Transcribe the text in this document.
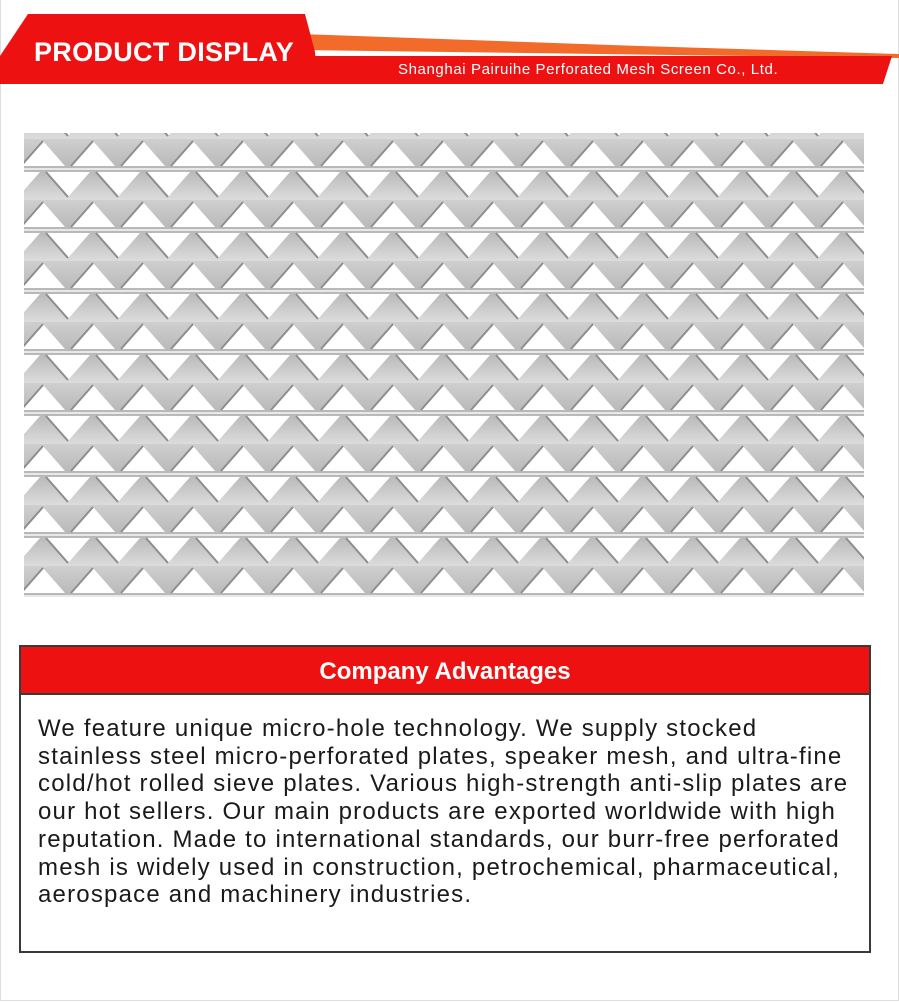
PRODUCT DISPLAY
Shanghai Pairuihe Perforated Mesh Screen Co., Ltd.
Company Advantages

We feature unique micro-hole technology. We supply stocked stainless steel micro-perforated plates, speaker mesh, and ultra-fine cold/hot rolled sieve plates. Various high-strength anti-slip plates are our hot sellers. Our main products are exported worldwide with high reputation. Made to international standards, our burr-free perforated mesh is widely used in construction, petrochemical, pharmaceutical, aerospace and machinery industries.
